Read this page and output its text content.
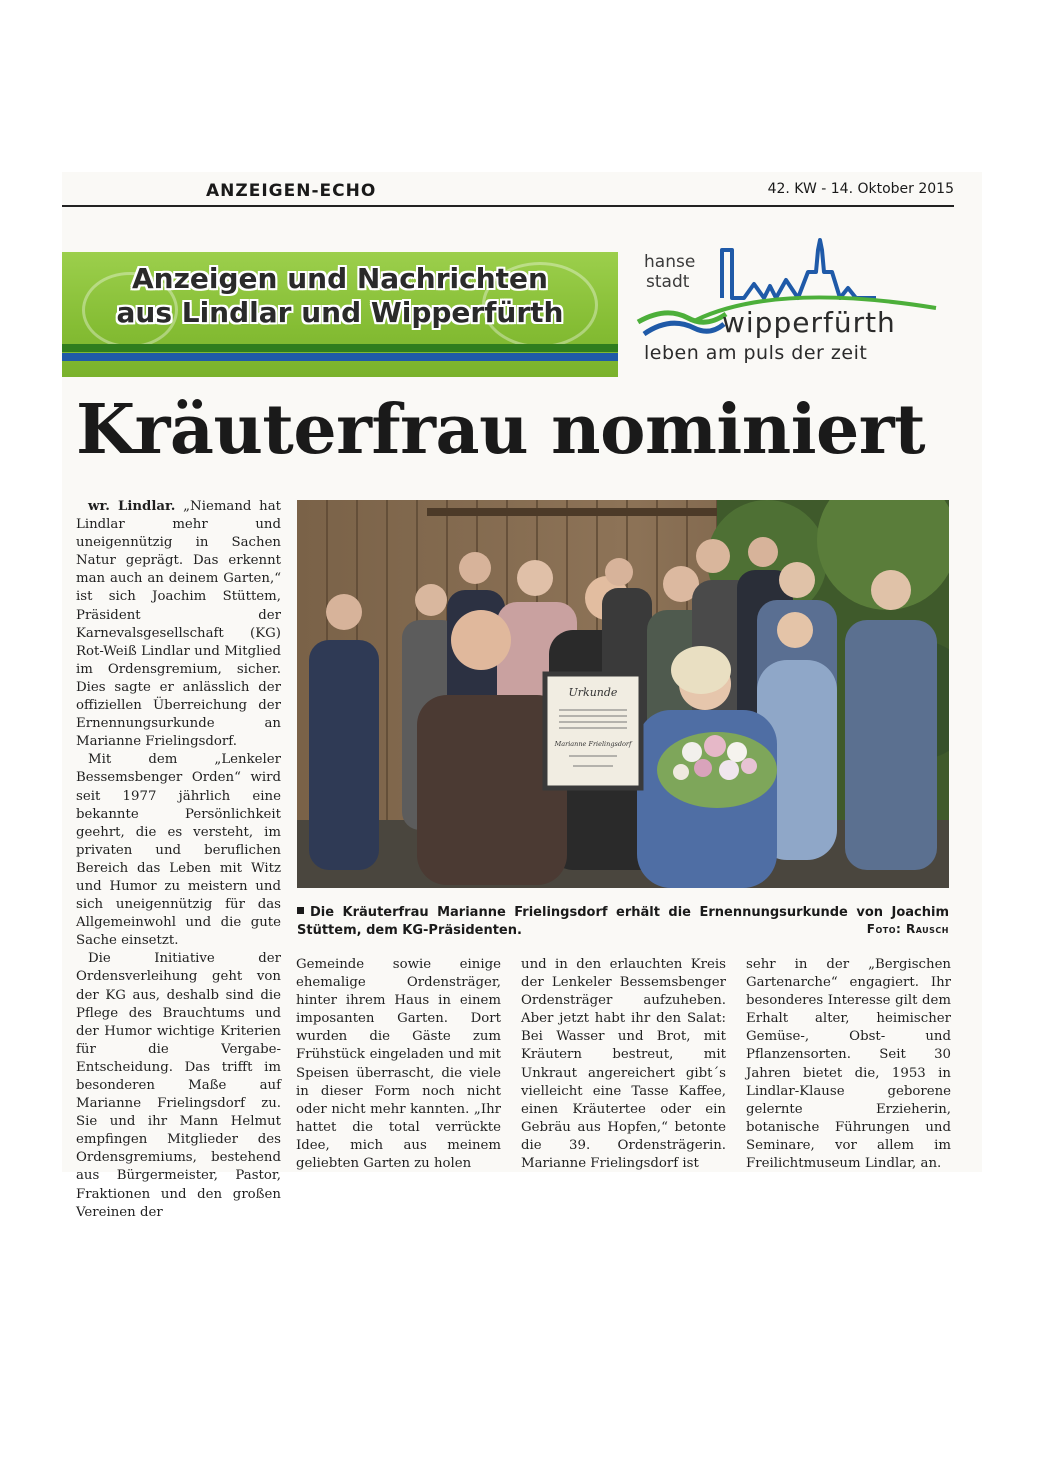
ANZEIGEN-ECHO	42. KW - 14. Oktober 2015
Anzeigen und Nachrichten
aus Lindlar und Wipperfürth
hanse
stadt
wipperfürth
leben am puls der zeit
Kräuterfrau nominiert

wr. Lindlar. „Niemand hat Lindlar mehr und uneigennützig in Sachen Natur geprägt. Das erkennt man auch an deinem Garten,“ ist sich Joachim Stüttem, Präsident der Karnevalsgesellschaft (KG) Rot-Weiß Lindlar und Mitglied im Ordensgremium, sicher. Dies sagte er anlässlich der offiziellen Überreichung der Ernennungsurkunde an Marianne Frielingsdorf.

Mit dem „Lenkeler Bessemsbenger Orden“ wird seit 1977 jährlich eine bekannte Persönlichkeit geehrt, die es versteht, im privaten und beruflichen Bereich das Leben mit Witz und Humor zu meistern und sich uneigennützig für das Allgemeinwohl und die gute Sache einsetzt.

Die Initiative der Ordensverleihung geht von der KG aus, deshalb sind die Pflege des Brauchtums und der Humor wichtige Kriterien für die Vergabe-Entscheidung. Das trifft im besonderen Maße auf Marianne Frielingsdorf zu. Sie und ihr Mann Helmut empfingen Mitglieder des Ordensgremiums, bestehend aus Bürgermeister, Pastor, Fraktionen und den großen Vereinen der

Urkunde
Marianne Frielingsdorf
Die Kräuterfrau Marianne Frielingsdorf erhält die Ernennungsurkunde von Joachim Stüttem, dem KG-Präsidenten.	Foto: Rausch

Gemeinde sowie einige ehemalige Ordensträger, hinter ihrem Haus in einem imposanten Garten. Dort wurden die Gäste zum Frühstück eingeladen und mit Speisen überrascht, die viele in dieser Form noch nicht oder nicht mehr kannten. „Ihr hattet die total verrückte Idee, mich aus meinem geliebten Garten zu holen

und in den erlauchten Kreis der Lenkeler Bessemsbenger Ordensträger aufzuheben. Aber jetzt habt ihr den Salat: Bei Wasser und Brot, mit Kräutern bestreut, mit Unkraut angereichert gibt´s vielleicht eine Tasse Kaffee, einen Kräutertee oder ein Gebräu aus Hopfen,“ betonte die 39. Ordensträgerin. Marianne Frielingsdorf ist

sehr in der „Bergischen Gartenarche“ engagiert. Ihr besonderes Interesse gilt dem Erhalt alter, heimischer Gemüse-, Obst- und Pflanzensorten. Seit 30 Jahren bietet die, 1953 in Lindlar-Klause geborene gelernte Erzieherin, botanische Führungen und Seminare, vor allem im Freilichtmuseum Lindlar, an.
